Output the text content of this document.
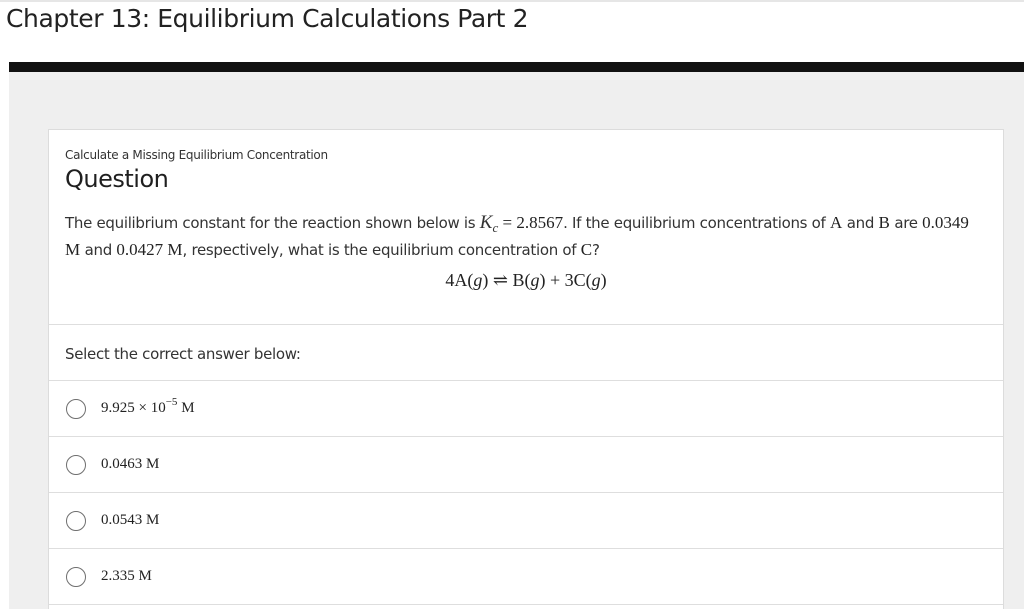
Chapter 13: Equilibrium Calculations Part 2
Calculate a Missing Equilibrium Concentration
Question
The equilibrium constant for the reaction shown below is $K_c = 2.8567$. If the equilibrium concentrations of A and B are 0.0349 M and 0.0427 M, respectively, what is the equilibrium concentration of C?
4A(g) ⇌ B(g) + 3C(g)
Select the correct answer below:
$9.925 \times 10^{-5}$ M
0.0463 M
0.0543 M
2.335 M
